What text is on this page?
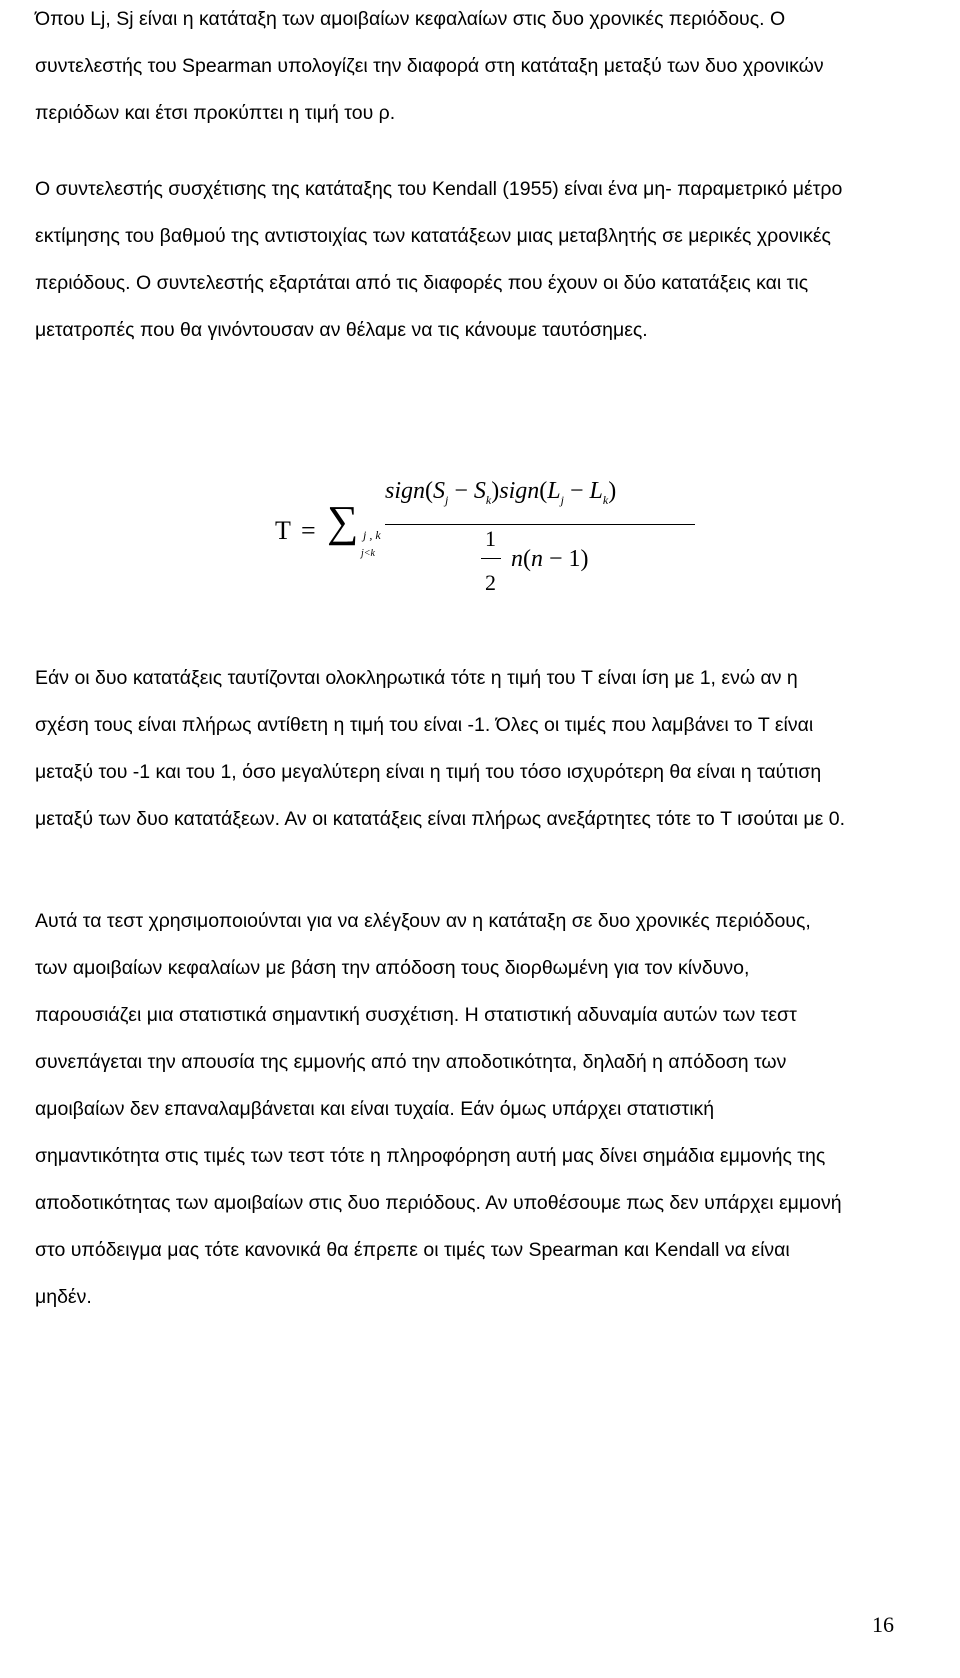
Όπου Lj, Sj είναι η κατάταξη των αμοιβαίων κεφαλαίων στις δυο χρονικές περιόδους. Ο
συντελεστής του Spearman υπολογίζει την διαφορά στη κατάταξη μεταξύ των δυο χρονικών
περιόδων και έτσι προκύπτει η τιμή του ρ.
Ο συντελεστής συσχέτισης της κατάταξης του Kendall (1955) είναι ένα μη- παραμετρικό μέτρο
εκτίμησης του βαθμού της αντιστοιχίας των κατατάξεων μιας μεταβλητής σε μερικές χρονικές
περιόδους. Ο συντελεστής εξαρτάται από τις διαφορές που έχουν οι δύο κατατάξεις και τις
μετατροπές που θα γινόντουσαν αν θέλαμε να τις κάνουμε ταυτόσημες.
T = ∑ j , k
j<k
$sign(S_j$ − $S_k)sign(L_j - L_k)$
1
2
n(n − 1)
Εάν οι δυο κατατάξεις ταυτίζονται ολοκληρωτικά τότε η τιμή του T είναι ίση με 1, ενώ αν η
σχέση τους είναι πλήρως αντίθετη η τιμή του είναι -1. Όλες οι τιμές που λαμβάνει το T είναι
μεταξύ του -1 και του 1, όσο μεγαλύτερη είναι η τιμή του τόσο ισχυρότερη θα είναι η ταύτιση
μεταξύ των δυο κατατάξεων. Αν οι κατατάξεις είναι πλήρως ανεξάρτητες τότε το T ισούται με 0.
Αυτά τα τεστ χρησιμοποιούνται για να ελέγξουν αν η κατάταξη σε δυο χρονικές περιόδους,
των αμοιβαίων κεφαλαίων με βάση την απόδοση τους διορθωμένη για τον κίνδυνο,
παρουσιάζει μια στατιστικά σημαντική συσχέτιση. Η στατιστική αδυναμία αυτών των τεστ
συνεπάγεται την απουσία της εμμονής από την αποδοτικότητα, δηλαδή η απόδοση των
αμοιβαίων δεν επαναλαμβάνεται και είναι τυχαία. Εάν όμως υπάρχει στατιστική
σημαντικότητα στις τιμές των τεστ τότε η πληροφόρηση αυτή μας δίνει σημάδια εμμονής της
αποδοτικότητας των αμοιβαίων στις δυο περιόδους. Αν υποθέσουμε πως δεν υπάρχει εμμονή
στο υπόδειγμα μας τότε κανονικά θα έπρεπε οι τιμές των Spearman και Kendall να είναι
μηδέν.
16
